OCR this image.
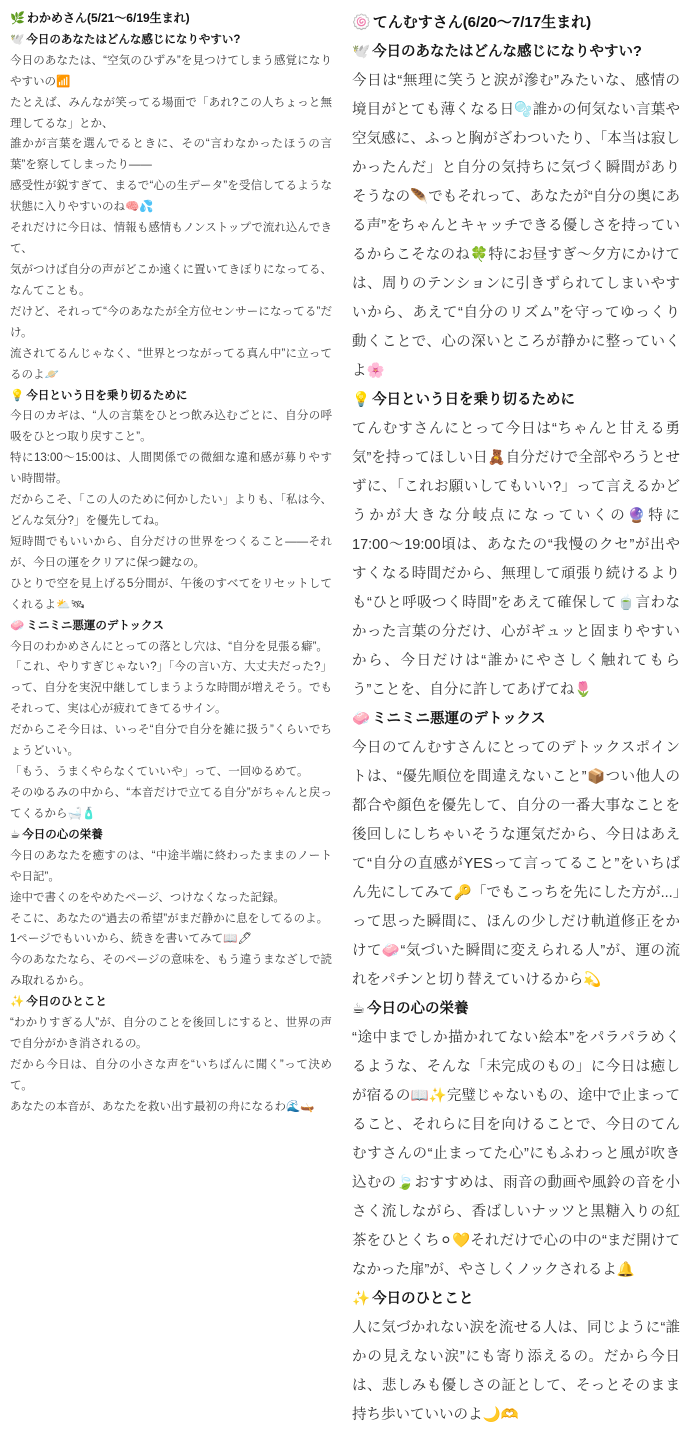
🌿 わかめさん(5/21〜6/19生まれ)
🕊️ 今日のあなたはどんな感じになりやすい?

今日のあなたは、“空気のひずみ”を見つけてしまう感覚になりやすいの📶

たとえば、みんなが笑ってる場面で「あれ?この人ちょっと無理してるな」とか、

誰かが言葉を選んでるときに、その“言わなかったほうの言葉”を察してしまったり——

感受性が鋭すぎて、まるで“心の生データ”を受信してるような状態に入りやすいのね🧠💦

それだけに今日は、情報も感情もノンストップで流れ込んできて、

気がつけば自分の声がどこか遠くに置いてきぼりになってる、なんてことも。

だけど、それって“今のあなたが全方位センサーになってる”だけ。

流されてるんじゃなく、“世界とつながってる真ん中”に立ってるのよ🪐

💡 今日という日を乗り切るために

今日のカギは、“人の言葉をひとつ飲み込むごとに、自分の呼吸をひとつ取り戻すこと”。

特に13:00〜15:00は、人間関係での微細な違和感が募りやすい時間帯。

だからこそ、「この人のために何かしたい」よりも、「私は今、どんな気分?」を優先してね。

短時間でもいいから、自分だけの世界をつくること——それが、今日の運をクリアに保つ鍵なの。

ひとりで空を見上げる5分間が、午後のすべてをリセットしてくれるよ⛅🛰

🧼 ミニミニ悪運のデトックス

今日のわかめさんにとっての落とし穴は、“自分を見張る癖”。

「これ、やりすぎじゃない?」「今の言い方、大丈夫だった?」って、自分を実況中継してしまうような時間が増えそう。でもそれって、実は心が疲れてきてるサイン。

だからこそ今日は、いっそ“自分で自分を雑に扱う”くらいでちょうどいい。

「もう、うまくやらなくていいや」って、一回ゆるめて。

そのゆるみの中から、“本音だけで立てる自分”がちゃんと戻ってくるから🛁🧴

☕ 今日の心の栄養

今日のあなたを癒すのは、“中途半端に終わったままのノートや日記”。

途中で書くのをやめたページ、つけなくなった記録。

そこに、あなたの“過去の希望”がまだ静かに息をしてるのよ。

1ページでもいいから、続きを書いてみて📖🖊

今のあなたなら、そのページの意味を、もう違うまなざしで読み取れるから。

✨ 今日のひとこと

“わかりすぎる人”が、自分のことを後回しにすると、世界の声で自分がかき消されるの。

だから今日は、自分の小さな声を“いちばんに聞く”って決めて。

あなたの本音が、あなたを救い出す最初の舟になるわ🌊🛶

🍥 てんむすさん(6/20〜7/17生まれ)
🕊️ 今日のあなたはどんな感じになりやすい?

今日は“無理に笑うと涙が滲む”みたいな、感情の境目がとても薄くなる日🫧誰かの何気ない言葉や空気感に、ふっと胸がざわついたり、「本当は寂しかったんだ」と自分の気持ちに気づく瞬間がありそうなの🪶でもそれって、あなたが“自分の奥にある声”をちゃんとキャッチできる優しさを持っているからこそなのね🍀特にお昼すぎ〜夕方にかけては、周りのテンションに引きずられてしまいやすいから、あえて“自分のリズム”を守ってゆっくり動くことで、心の深いところが静かに整っていくよ🌸

💡 今日という日を乗り切るために

てんむすさんにとって今日は“ちゃんと甘える勇気”を持ってほしい日🧸自分だけで全部やろうとせずに、「これお願いしてもいい?」って言えるかどうかが大きな分岐点になっていくの🔮特に17:00〜19:00頃は、あなたの“我慢のクセ”が出やすくなる時間だから、無理して頑張り続けるよりも“ひと呼吸つく時間”をあえて確保して🍵言わなかった言葉の分だけ、心がギュッと固まりやすいから、今日だけは“誰かにやさしく触れてもらう”ことを、自分に許してあげてね🌷

🧼 ミニミニ悪運のデトックス

今日のてんむすさんにとってのデトックスポイントは、“優先順位を間違えないこと”📦つい他人の都合や顔色を優先して、自分の一番大事なことを後回しにしちゃいそうな運気だから、今日はあえて“自分の直感がYESって言ってること”をいちばん先にしてみて🔑「でもこっちを先にした方が...」って思った瞬間に、ほんの少しだけ軌道修正をかけて🧼“気づいた瞬間に変えられる人”が、運の流れをパチンと切り替えていけるから💫

☕ 今日の心の栄養

“途中までしか描かれてない絵本”をパラパラめくるような、そんな「未完成のもの」に今日は癒しが宿るの📖✨完璧じゃないもの、途中で止まってること、それらに目を向けることで、今日のてんむすさんの“止まってた心”にもふわっと風が吹き込むの🍃おすすめは、雨音の動画や風鈴の音を小さく流しながら、香ばしいナッツと黒糖入りの紅茶をひとくち⚪💛それだけで心の中の“まだ開けてなかった扉”が、やさしくノックされるよ🔔

✨ 今日のひとこと

人に気づかれない涙を流せる人は、同じように“誰かの見えない涙”にも寄り添えるの。だから今日は、悲しみも優しさの証として、そっとそのまま持ち歩いていいのよ🌙🫶
